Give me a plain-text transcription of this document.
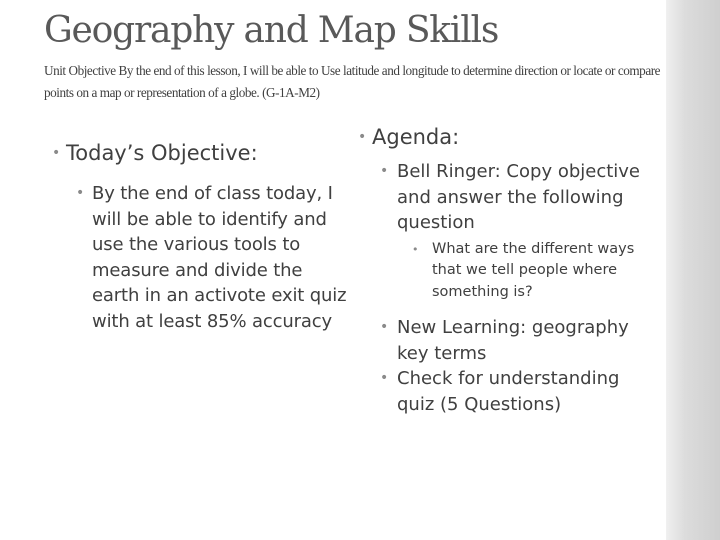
Geography and Map Skills

Unit Objective By the end of this lesson, I will be able to Use latitude and longitude to determine direction or locate or compare points on a map or representation of a globe. (G-1A-M2)

• Today’s Objective:
• By the end of class today, I will be able to identify and use the various tools to measure and divide the earth in an activote exit quiz with at least 85% accuracy
• Agenda:
• Bell Ringer: Copy objective and answer the following question
• What are the different ways that we tell people where something is?
• New Learning: geography key terms
• Check for understanding quiz (5 Questions)
